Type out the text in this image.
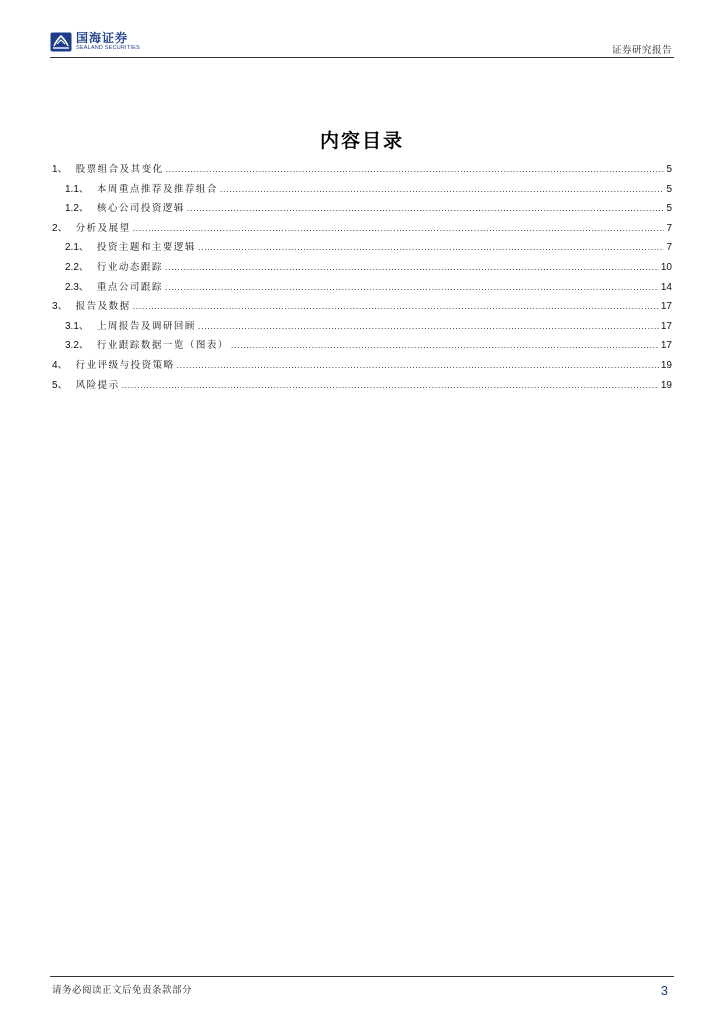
国海证券
SEALAND SECURITIES	证券研究报告
内容目录
1 、 股票组合及其变化 .....	5
1.1 、 本周重点推荐及推荐组合 .....	5
1.2 、 核心公司投资逻辑 .....	5
2 、 分析及展望 .....	7
2.1 、 投资主题和主要逻辑 .....	7
2.2 、 行业动态跟踪 .....	10
2.3 、 重点公司跟踪 .....	14
3 、 报告及数据 .....	17
3.1 、 上周报告及调研回顾 .....	17
3.2 、 行业跟踪数据一览（图表） .....	17
4 、 行业评级与投资策略 .....	19
5 、 风险提示 .....	19
请务必阅读正文后免责条款部分	3
